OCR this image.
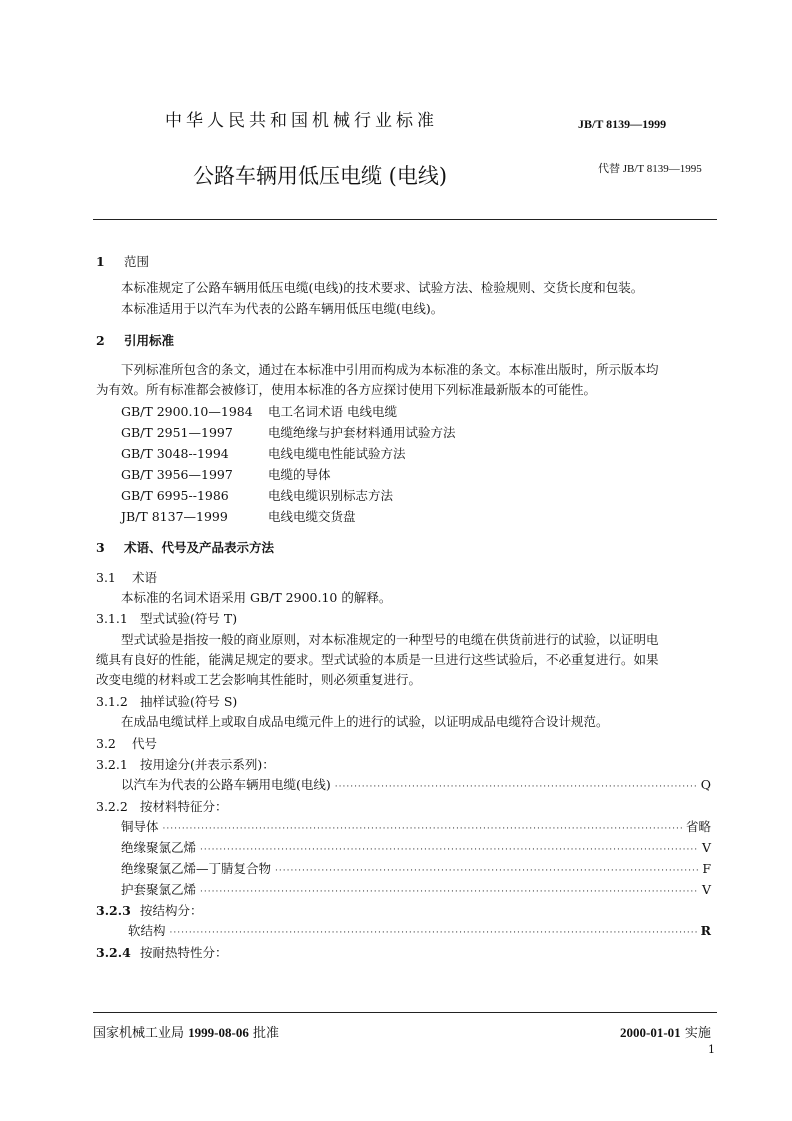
中华人民共和国机械行业标准	JB/T 8139—1999
公路车辆用低压电缆 (电线)	代替 JB/T 8139—1995
1 范围
本标准规定了公路车辆用低压电缆(电线)的技术要求、试验方法、检验规则、交货长度和包装。
本标准适用于以汽车为代表的公路车辆用低压电缆(电线)。
2 引用标准
下列标准所包含的条文，通过在本标准中引用而构成为本标准的条文。本标准出版时，所示版本均
为有效。所有标准都会被修订，使用本标准的各方应探讨使用下列标准最新版本的可能性。
GB/T 2900.10—1984 电工名词术语 电线电缆
GB/T 2951—1997	电缆绝缘与护套材料通用试验方法
GB/T 3048--1994	电线电缆电性能试验方法
GB/T 3956—1997	电缆的导体
GB/T 6995--1986	电线电缆识别标志方法
JB/T 8137—1999	电线电缆交货盘
3 术语、代号及产品表示方法
3.1 术语
本标准的名词术语采用 GB/T 2900.10 的解释。
3.1.1 型式试验(符号 T)
型式试验是指按一般的商业原则，对本标准规定的一种型号的电缆在供货前进行的试验，以证明电
缆具有良好的性能，能满足规定的要求。型式试验的本质是一旦进行这些试验后，不必重复进行。如果
改变电缆的材料或工艺会影响其性能时，则必须重复进行。
3.1.2 抽样试验(符号 S)
在成品电缆试样上或取自成品电缆元件上的进行的试验，以证明成品电缆符合设计规范。
3.2 代号
3.2.1 按用途分(并表示系列)：
以汽车为代表的公路车辆用电缆(电线) ·····	Q
3.2.2 按材料特征分：
铜导体 ·····	省略
绝缘聚氯乙烯 ·····	V
绝缘聚氯乙烯—丁腈复合物 ·····	F
护套聚氯乙烯 ·····	V
3.2.3 按结构分：
软结构 ·····	R
3.2.4 按耐热特性分：
国家机械工业局 1999-08-06 批准	2000-01-01 实施
1
